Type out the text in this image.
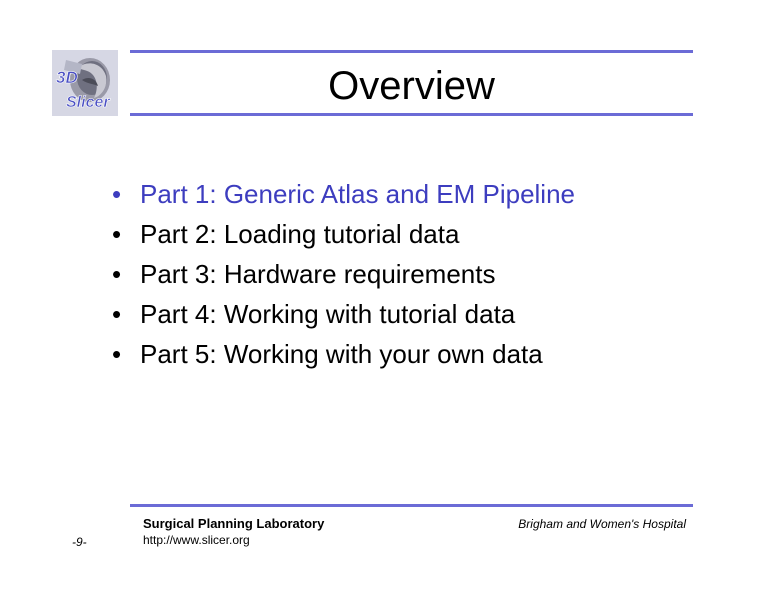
3D
Slicer	Overview
• Part 1: Generic Atlas and EM Pipeline
• Part 2: Loading tutorial data
• Part 3: Hardware requirements
• Part 4: Working with tutorial data
• Part 5: Working with your own data
Surgical Planning Laboratory
http://www.slicer.org
Brigham and Women's Hospital
-9-
